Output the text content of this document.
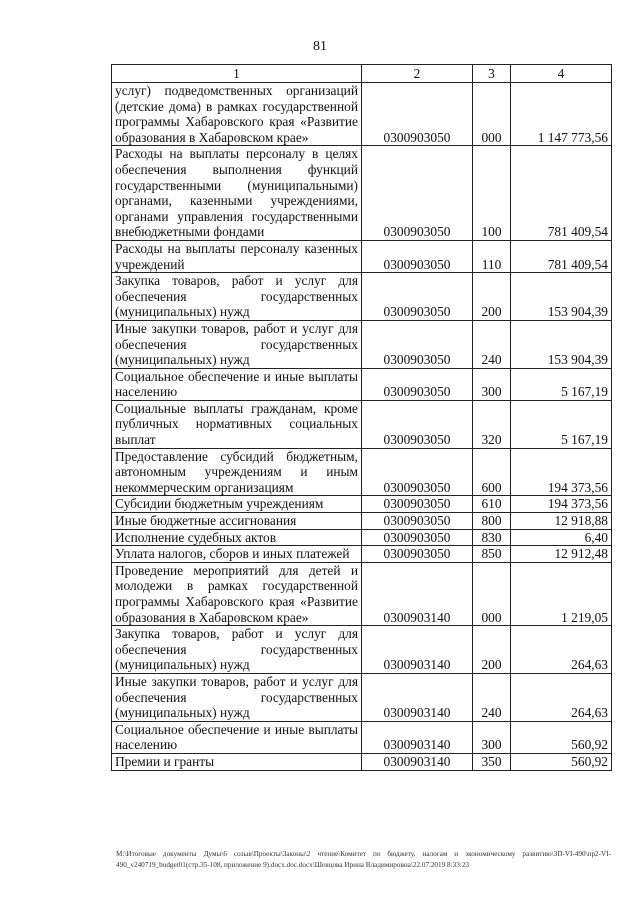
81
1	2	3	4
услуг) подведомственных организаций (детские дома) в рамках государственной программы Хабаровского края «Развитие образования в Хабаровском крае»	0300903050	000	1 147 773,56
Расходы на выплаты персоналу в целях обеспечения выполнения функций государственными (муниципальными) органами, казенными учреждениями, органами управления государственными внебюджетными фондами	0300903050	100	781 409,54
Расходы на выплаты персоналу казенных учреждений	0300903050	110	781 409,54
Закупка товаров, работ и услуг для обеспечения государственных (муниципальных) нужд	0300903050	200	153 904,39
Иные закупки товаров, работ и услуг для обеспечения государственных (муниципальных) нужд	0300903050	240	153 904,39
Социальное обеспечение и иные выплаты населению	0300903050	300	5 167,19
Социальные выплаты гражданам, кроме публичных нормативных социальных выплат	0300903050	320	5 167,19
Предоставление субсидий бюджетным, автономным учреждениям и иным некоммерческим организациям	0300903050	600	194 373,56
Субсидии бюджетным учреждениям	0300903050	610	194 373,56
Иные бюджетные ассигнования	0300903050	800	12 918,88
Исполнение судебных актов	0300903050	830	6,40
Уплата налогов, сборов и иных платежей	0300903050	850	12 912,48
Проведение мероприятий для детей и молодежи в рамках государственной программы Хабаровского края «Развитие образования в Хабаровском крае»	0300903140	000	1 219,05
Закупка товаров, работ и услуг для обеспечения государственных (муниципальных) нужд	0300903140	200	264,63
Иные закупки товаров, работ и услуг для обеспечения государственных (муниципальных) нужд	0300903140	240	264,63
Социальное обеспечение и иные выплаты населению	0300903140	300	560,92
Премии и гранты	0300903140	350	560,92
М:\Итоговые документы Думы\6 созыв\Проекты\Законы\2 чтение\Комитет по бюджету, налогам и экономическому развитию\ЗП-VI-490\пр2-VI-490_v240719_budget01(стр.35-108, приложение 9).docx.doc.docx\Шевцова Ирина Владимировна\22.07.2019 8:33:23
